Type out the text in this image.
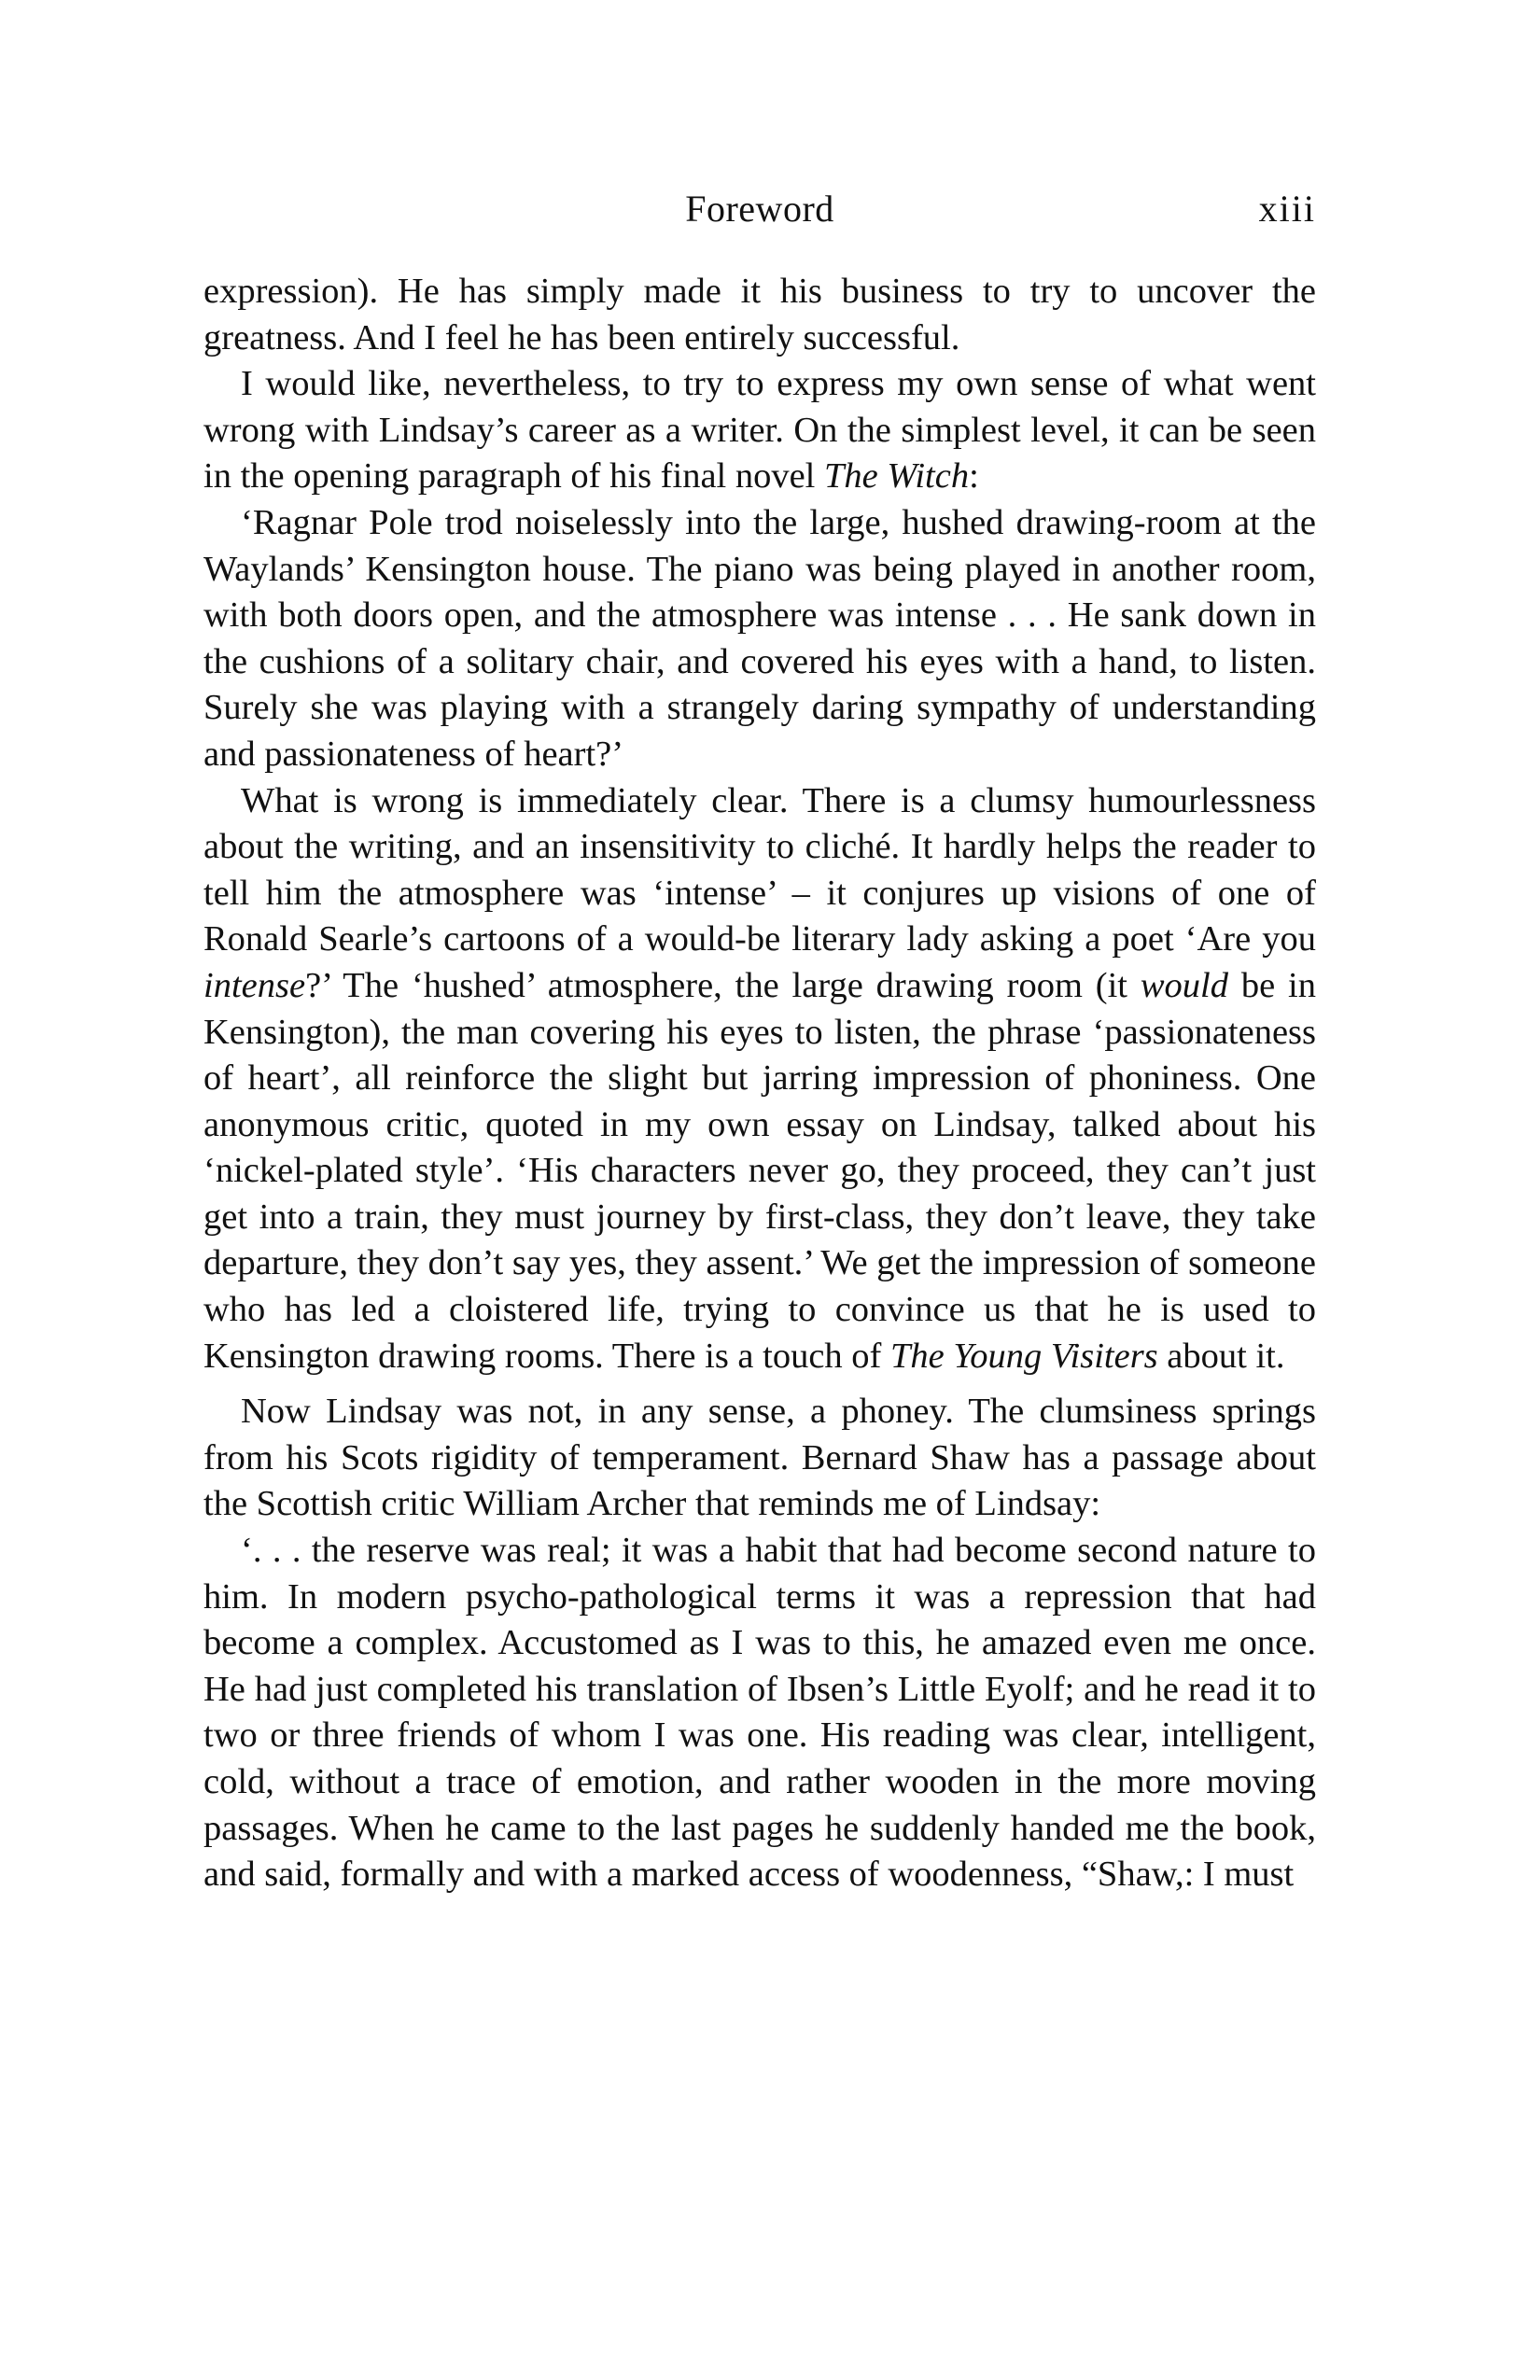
Foreword	xiii

expression). He has simply made it his business to try to uncover the greatness. And I feel he has been entirely successful.

I would like, nevertheless, to try to express my own sense of what went wrong with Lindsay’s career as a writer. On the simplest level, it can be seen in the opening paragraph of his final novel The Witch:

‘Ragnar Pole trod noiselessly into the large, hushed drawing-room at the Waylands’ Kensington house. The piano was being played in another room, with both doors open, and the atmosphere was intense . . . He sank down in the cushions of a solitary chair, and covered his eyes with a hand, to listen. Surely she was playing with a strangely daring sympathy of understanding and passionateness of heart?’

What is wrong is immediately clear. There is a clumsy humourlessness about the writing, and an insensitivity to cliché. It hardly helps the reader to tell him the atmosphere was ‘intense’ – it conjures up visions of one of Ronald Searle’s cartoons of a would-be literary lady asking a poet ‘Are you intense?’ The ‘hushed’ atmosphere, the large drawing room (it would be in Kensington), the man covering his eyes to listen, the phrase ‘passionateness of heart’, all reinforce the slight but jarring impression of phoniness. One anonymous critic, quoted in my own essay on Lindsay, talked about his ‘nickel-plated style’. ‘His characters never go, they proceed, they can’t just get into a train, they must journey by first-class, they don’t leave, they take departure, they don’t say yes, they assent.’ We get the impression of someone who has led a cloistered life, trying to convince us that he is used to Kensington drawing rooms. There is a touch of The Young Visiters about it.

Now Lindsay was not, in any sense, a phoney. The clumsiness springs from his Scots rigidity of temperament. Bernard Shaw has a passage about the Scottish critic William Archer that reminds me of Lindsay:

‘. . . the reserve was real; it was a habit that had become second nature to him. In modern psycho-pathological terms it was a repression that had become a complex. Accustomed as I was to this, he amazed even me once. He had just completed his translation of Ibsen’s Little Eyolf; and he read it to two or three friends of whom I was one. His reading was clear, intelligent, cold, without a trace of emotion, and rather wooden in the more moving passages. When he came to the last pages he suddenly handed me the book, and said, formally and with a marked access of woodenness, “Shaw,: I must
